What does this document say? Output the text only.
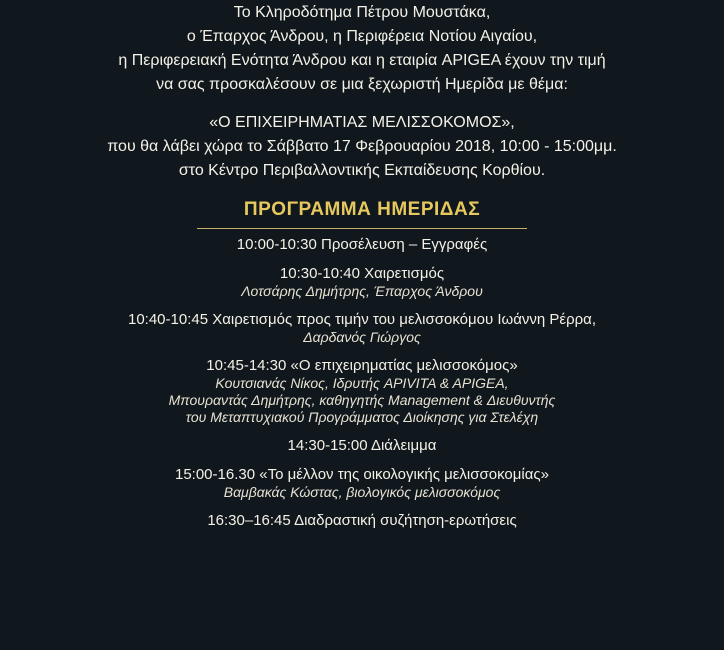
Το Κληροδότημα Πέτρου Μουστάκα,

ο Έπαρχος Άνδρου, η Περιφέρεια Νοτίου Αιγαίου,

η Περιφερειακή Ενότητα Άνδρου και η εταιρία APIGEA έχουν την τιμή

να σας προσκαλέσουν σε μια ξεχωριστή Ημερίδα με θέμα:

«Ο ΕΠΙΧΕΙΡΗΜΑΤΙΑΣ ΜΕΛΙΣΣΟΚΟΜΟΣ»,

που θα λάβει χώρα το Σάββατο 17 Φεβρουαρίου 2018, 10:00 - 15:00μμ.

στο Κέντρο Περιβαλλοντικής Εκπαίδευσης Κορθίου.

ΠΡΟΓΡΑΜΜΑ ΗΜΕΡΙΔΑΣ

10:00-10:30 Προσέλευση – Εγγραφές

10:30-10:40 Χαιρετισμός

Λοτσάρης Δημήτρης, Έπαρχος Άνδρου

10:40-10:45 Χαιρετισμός προς τιμήν του μελισσοκόμου Ιωάννη Ρέρρα,

Δαρδανός Γιώργος

10:45-14:30 «Ο επιχειρηματίας μελισσοκόμος»

Κουτσιανάς Νίκος, Ιδρυτής APIVITA & APIGEA,

Μπουραντάς Δημήτρης, καθηγητής Management & Διευθυντής

του Μεταπτυχιακού Προγράμματος Διοίκησης για Στελέχη

14:30-15:00 Διάλειμμα

15:00-16.30 «Το μέλλον της οικολογικής μελισσοκομίας»

Βαμβακάς Κώστας, βιολογικός μελισσοκόμος

16:30–16:45 Διαδραστική συζήτηση-ερωτήσεις
